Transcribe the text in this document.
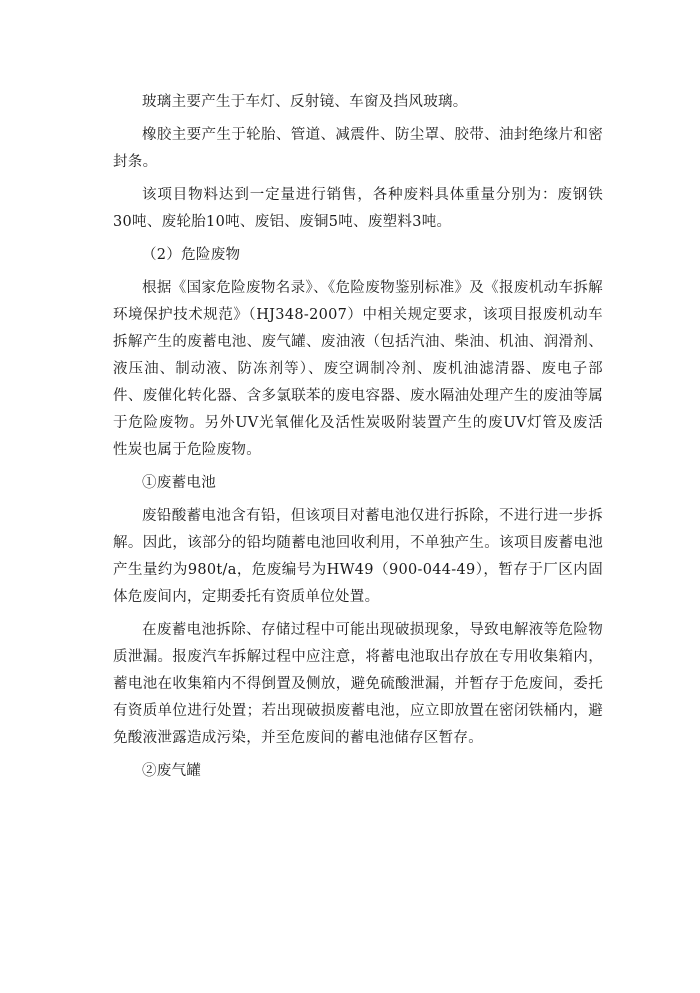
玻璃主要产生于车灯、反射镜、车窗及挡风玻璃。

橡胶主要产生于轮胎、管道、减震件、防尘罩、胶带、油封绝缘片和密封条。

该项目物料达到一定量进行销售，各种废料具体重量分别为：废钢铁30吨、废轮胎10吨、废铝、废铜5吨、废塑料3吨。

（2）危险废物

根据《国家危险废物名录》、《危险废物鉴别标准》及《报废机动车拆解环境保护技术规范》（HJ348-2007）中相关规定要求，该项目报废机动车拆解产生的废蓄电池、废气罐、废油液（包括汽油、柴油、机油、润滑剂、液压油、制动液、防冻剂等）、废空调制冷剂、废机油滤清器、废电子部件、废催化转化器、含多氯联苯的废电容器、废水隔油处理产生的废油等属于危险废物。另外UV光氧催化及活性炭吸附装置产生的废UV灯管及废活性炭也属于危险废物。

①废蓄电池

废铅酸蓄电池含有铅，但该项目对蓄电池仅进行拆除，不进行进一步拆解。因此，该部分的铅均随蓄电池回收利用，不单独产生。该项目废蓄电池产生量约为980t/a，危废编号为HW49（900-044-49），暂存于厂区内固体危废间内，定期委托有资质单位处置。

在废蓄电池拆除、存储过程中可能出现破损现象，导致电解液等危险物质泄漏。报废汽车拆解过程中应注意，将蓄电池取出存放在专用收集箱内，蓄电池在收集箱内不得倒置及侧放，避免硫酸泄漏，并暂存于危废间，委托有资质单位进行处置；若出现破损废蓄电池，应立即放置在密闭铁桶内，避免酸液泄露造成污染，并至危废间的蓄电池储存区暂存。

②废气罐
